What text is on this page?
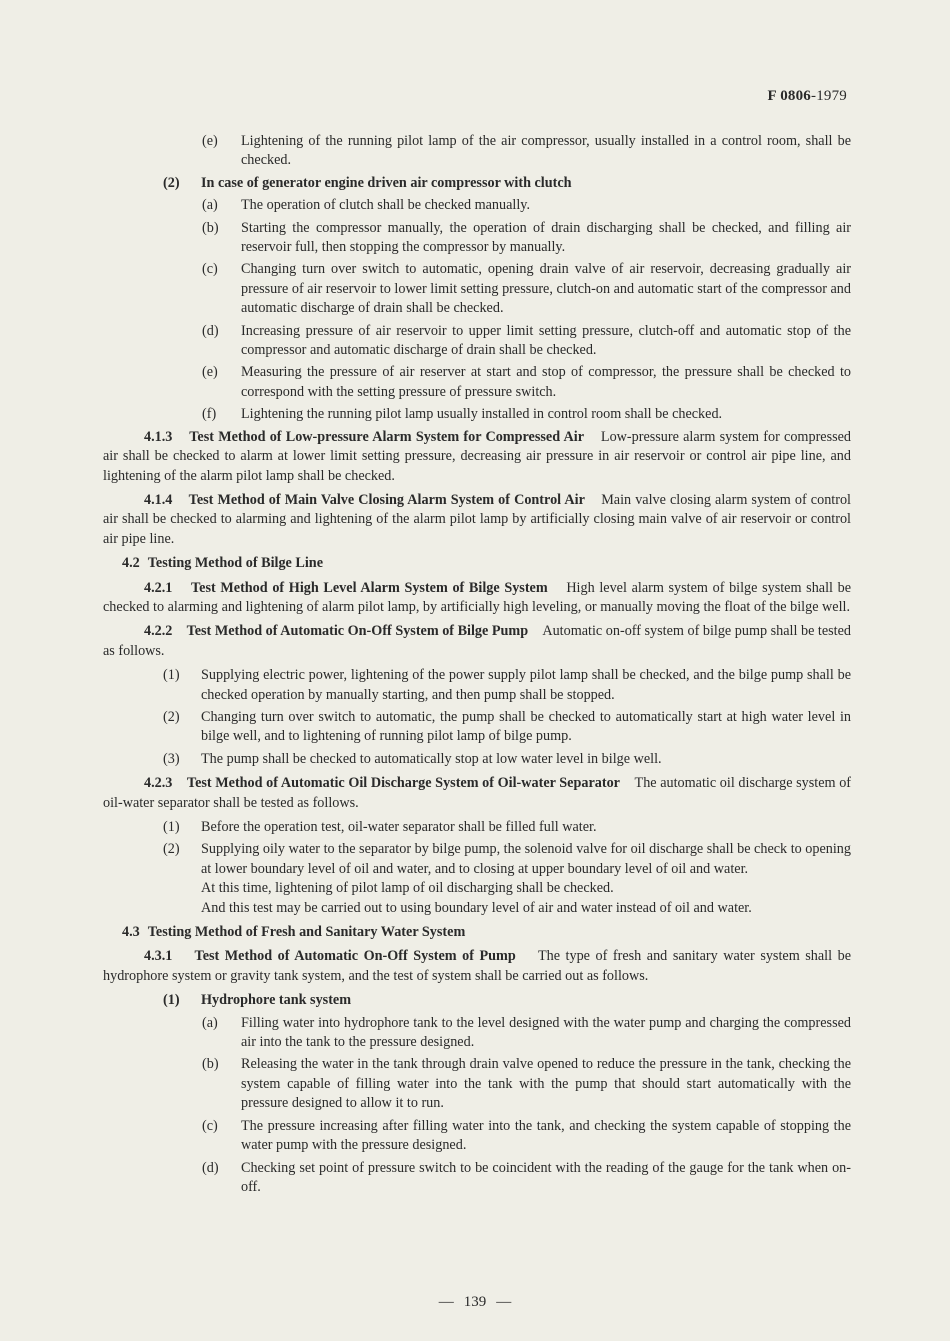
F 0806-1979
(e) Lightening of the running pilot lamp of the air compressor, usually installed in a control room, shall be checked.
(2) In case of generator engine driven air compressor with clutch
(a) The operation of clutch shall be checked manually.
(b) Starting the compressor manually, the operation of drain discharging shall be checked, and filling air reservoir full, then stopping the compressor by manually.
(c) Changing turn over switch to automatic, opening drain valve of air reservoir, decreasing gradually air pressure of air reservoir to lower limit setting pressure, clutch-on and automatic start of the compressor and automatic discharge of drain shall be checked.
(d) Increasing pressure of air reservoir to upper limit setting pressure, clutch-off and automatic stop of the compressor and automatic discharge of drain shall be checked.
(e) Measuring the pressure of air reserver at start and stop of compressor, the pressure shall be checked to correspond with the setting pressure of pressure switch.
(f) Lightening the running pilot lamp usually installed in control room shall be checked.
4.1.3 Test Method of Low-pressure Alarm System for Compressed Air Low-pressure alarm system for compressed air shall be checked to alarm at lower limit setting pressure, decreasing air pressure in air reservoir or control air pipe line, and lightening of the alarm pilot lamp shall be checked.
4.1.4 Test Method of Main Valve Closing Alarm System of Control Air Main valve closing alarm system of control air shall be checked to alarming and lightening of the alarm pilot lamp by artificially closing main valve of air reservoir or control air pipe line.
4.2 Testing Method of Bilge Line
4.2.1 Test Method of High Level Alarm System of Bilge System High level alarm system of bilge system shall be checked to alarming and lightening of alarm pilot lamp, by artificially high leveling, or manually moving the float of the bilge well.
4.2.2 Test Method of Automatic On-Off System of Bilge Pump Automatic on-off system of bilge pump shall be tested as follows.
(1) Supplying electric power, lightening of the power supply pilot lamp shall be checked, and the bilge pump shall be checked operation by manually starting, and then pump shall be stopped.
(2) Changing turn over switch to automatic, the pump shall be checked to automatically start at high water level in bilge well, and to lightening of running pilot lamp of bilge pump.
(3) The pump shall be checked to automatically stop at low water level in bilge well.
4.2.3 Test Method of Automatic Oil Discharge System of Oil-water Separator The automatic oil discharge system of oil-water separator shall be tested as follows.
(1) Before the operation test, oil-water separator shall be filled full water.
(2) Supplying oily water to the separator by bilge pump, the solenoid valve for oil discharge shall be check to opening at lower boundary level of oil and water, and to closing at upper boundary level of oil and water.
At this time, lightening of pilot lamp of oil discharging shall be checked.
And this test may be carried out to using boundary level of air and water instead of oil and water.
4.3 Testing Method of Fresh and Sanitary Water System
4.3.1 Test Method of Automatic On-Off System of Pump The type of fresh and sanitary water system shall be hydrophore system or gravity tank system, and the test of system shall be carried out as follows.
(1) Hydrophore tank system
(a) Filling water into hydrophore tank to the level designed with the water pump and charging the compressed air into the tank to the pressure designed.
(b) Releasing the water in the tank through drain valve opened to reduce the pressure in the tank, checking the system capable of filling water into the tank with the pump that should start automatically with the pressure designed to allow it to run.
(c) The pressure increasing after filling water into the tank, and checking the system capable of stopping the water pump with the pressure designed.
(d) Checking set point of pressure switch to be coincident with the reading of the gauge for the tank when on-off.
— 139 —
